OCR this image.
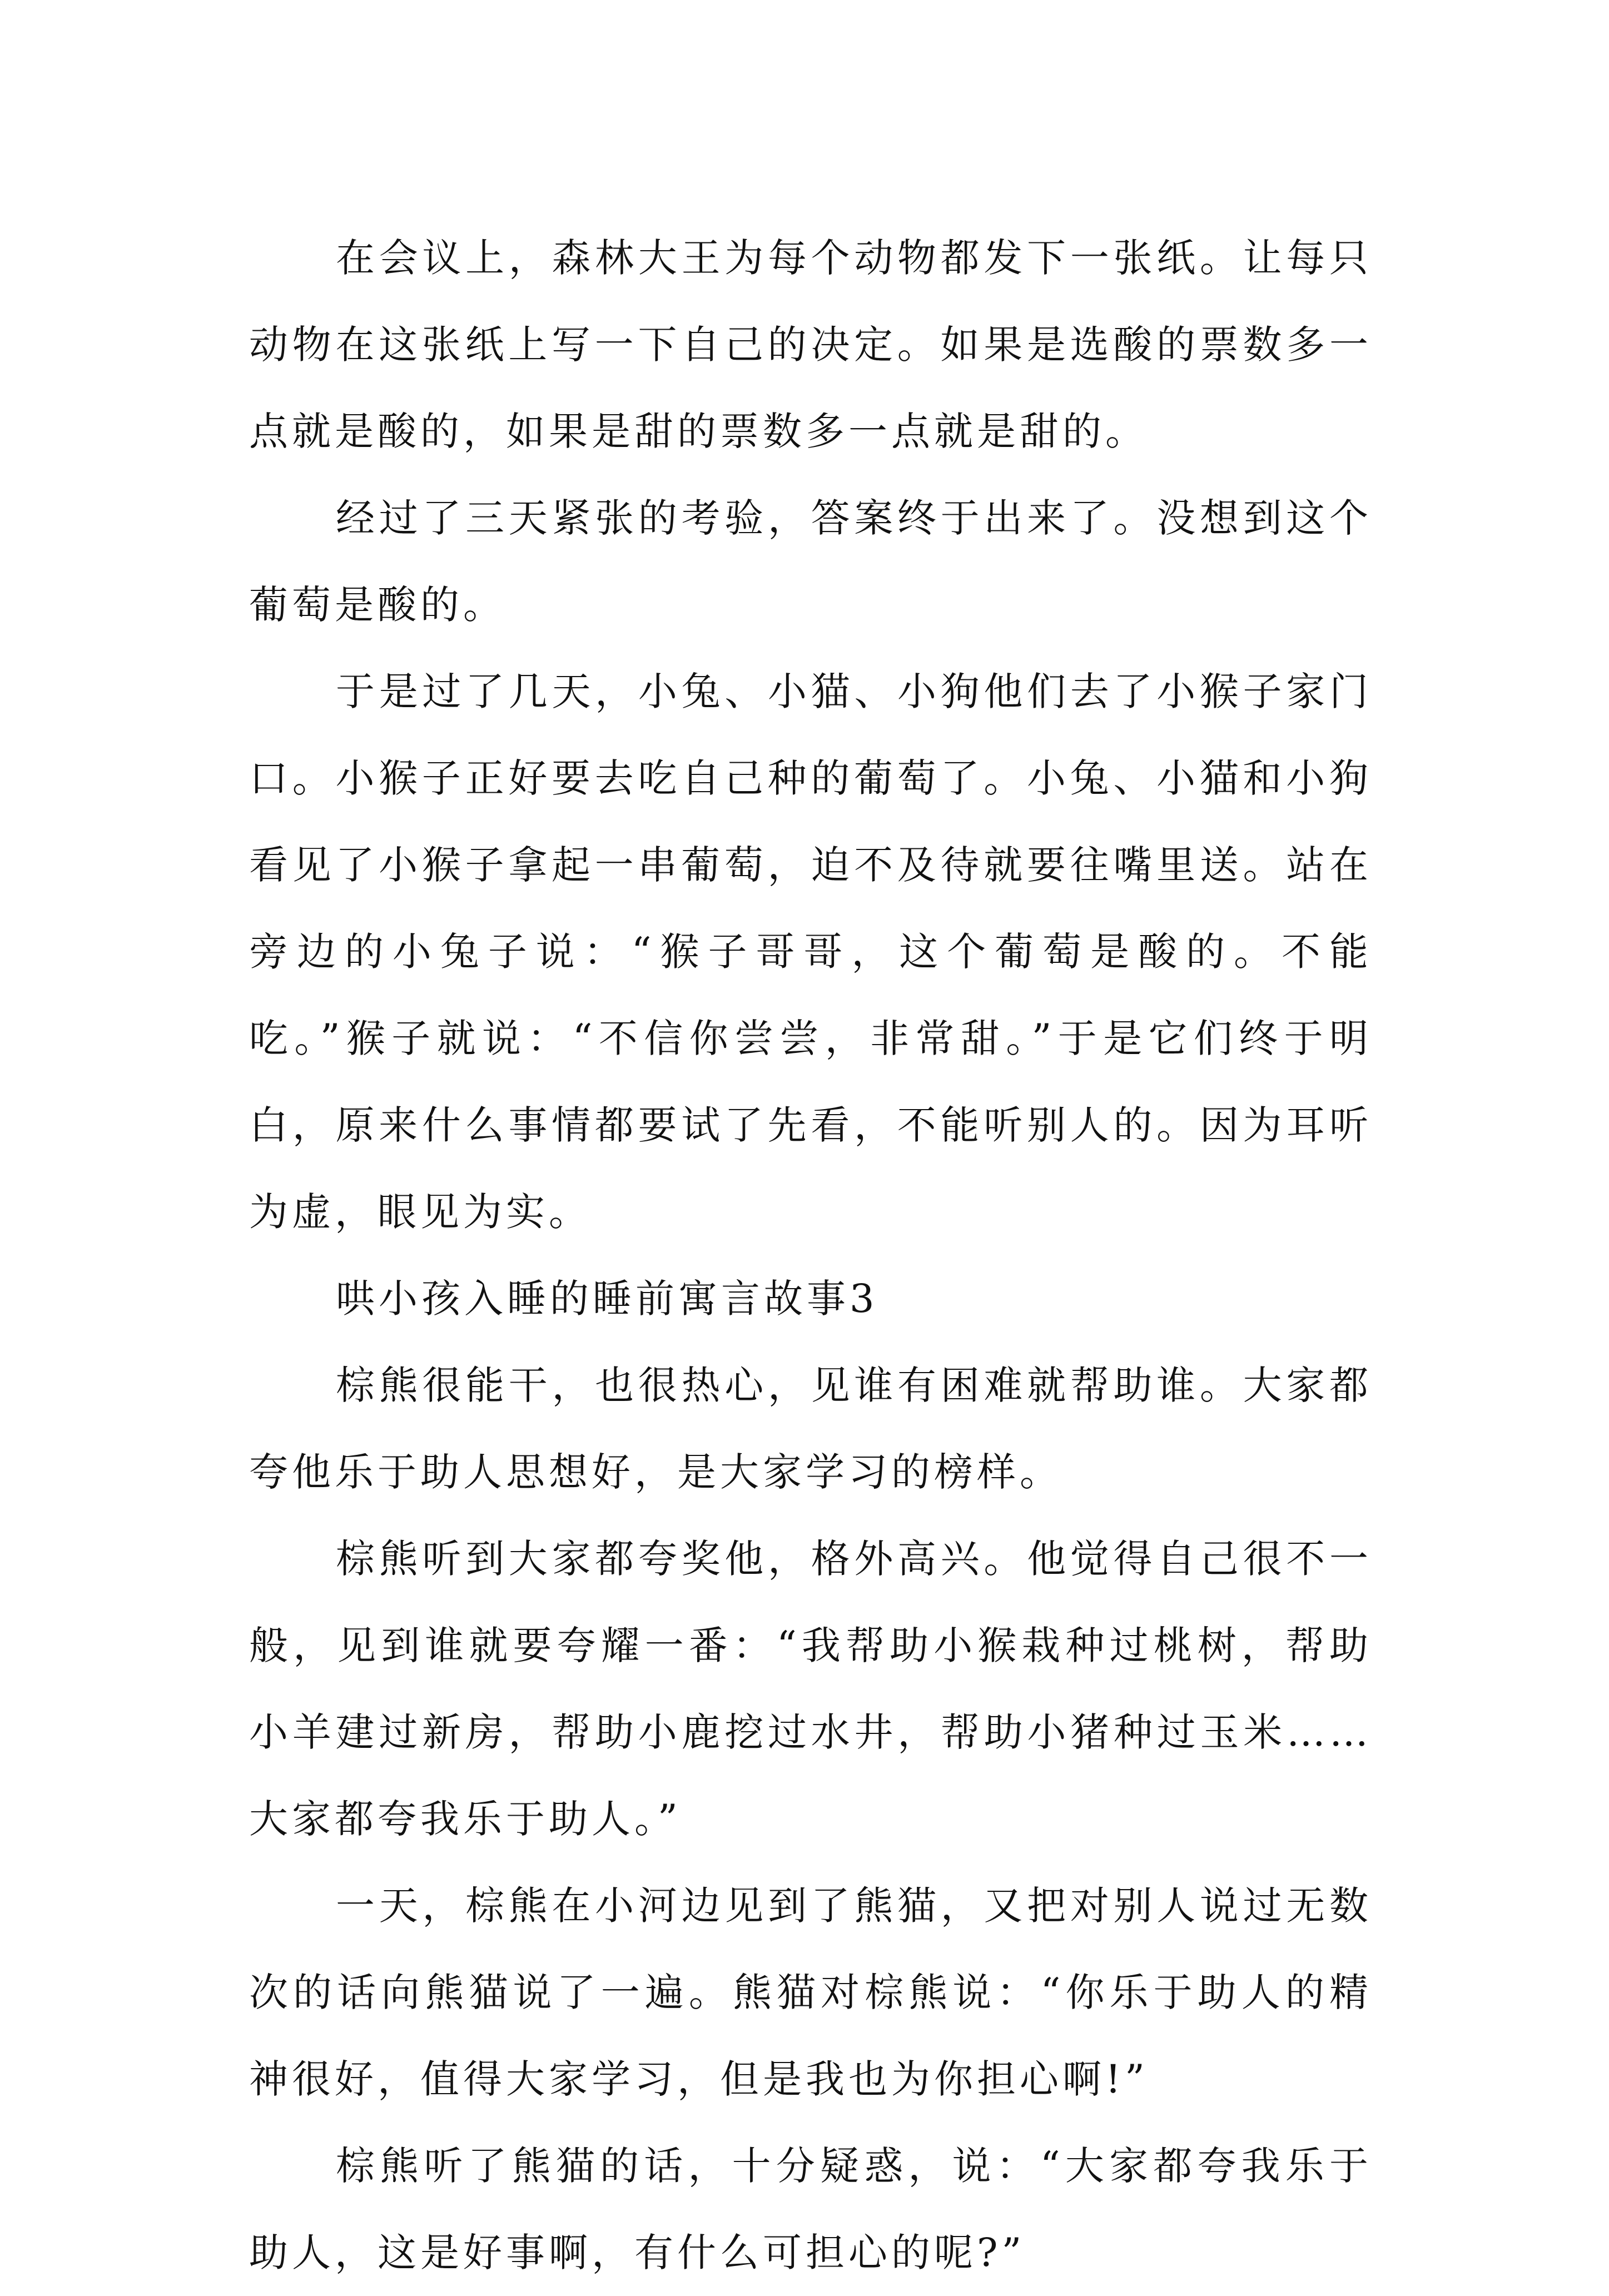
在会议上，森林大王为每个动物都发下一张纸。让每只动物在这张纸上写一下自己的决定。如果是选酸的票数多一点就是酸的，如果是甜的票数多一点就是甜的。

经过了三天紧张的考验，答案终于出来了。没想到这个葡萄是酸的。

于是过了几天，小兔、小猫、小狗他们去了小猴子家门口。小猴子正好要去吃自己种的葡萄了。小兔、小猫和小狗看见了小猴子拿起一串葡萄，迫不及待就要往嘴里送。站在旁边的小兔子说：“猴子哥哥，这个葡萄是酸的。不能吃。”猴子就说：“不信你尝尝，非常甜。”于是它们终于明白，原来什么事情都要试了先看，不能听别人的。因为耳听为虚，眼见为实。

哄小孩入睡的睡前寓言故事3

棕熊很能干，也很热心，见谁有困难就帮助谁。大家都夸他乐于助人思想好，是大家学习的榜样。

棕熊听到大家都夸奖他，格外高兴。他觉得自己很不一般，见到谁就要夸耀一番：“我帮助小猴栽种过桃树，帮助小羊建过新房，帮助小鹿挖过水井，帮助小猪种过玉米……大家都夸我乐于助人。”

一天，棕熊在小河边见到了熊猫，又把对别人说过无数次的话向熊猫说了一遍。熊猫对棕熊说：“你乐于助人的精神很好，值得大家学习，但是我也为你担心啊!”

棕熊听了熊猫的话，十分疑惑，说：“大家都夸我乐于助人，这是好事啊，有什么可担心的呢?”
